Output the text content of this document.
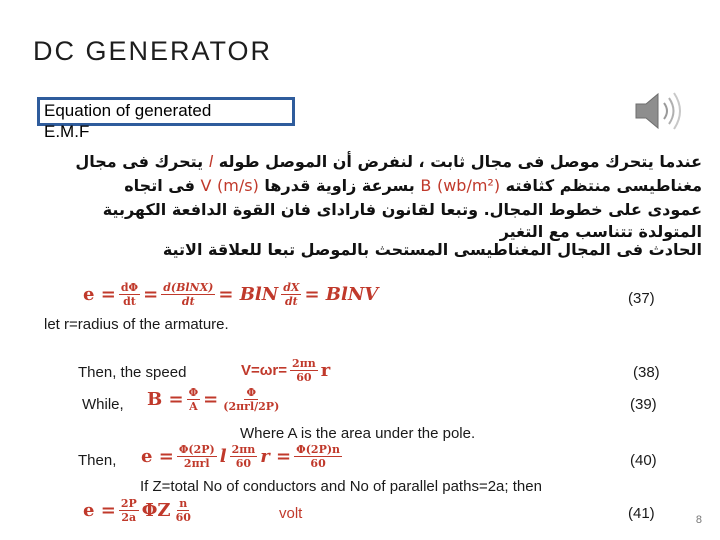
DC GENERATOR
Equation of generated
E.M.F
عندما يتحرك موصل فى مجال ثابت ، لنفرض أن الموصل طوله l يتحرك فى مجال
مغناطيسى منتظم كثافته B (wb/m²) بسرعة زاوية قدرها V (m/s) فى اتجاه
عمودى على خطوط المجال. وتبعا لقانون فارادای فان القوة الدافعة الكهربية
المتولدة تتناسب مع التغير
الحادث فى المجال المغناطيسى المستحث بالموصل تبعا للعلاقة الاتية
$e = \frac{d\Phi}{dt} = \frac{\text{d(BlNX)}}{dt}$ = BlN $\frac{dX}{dt}$ = BlNV	(37)
let r=radius of the armature.
Then, the speed	$V=\omega r= \frac{2\pi n}{60}$ r	(38)
While, $B = \frac{\Phi}{A} = \frac{\Phi}{\text{(2πrl/2P)}}$	(39)
Where A is the area under the pole.
Then, $e = \frac{\Phi(2P)}{\text{2πrl}}$ l $\frac{2\pi n}{60}$ $r = \frac{\Phi(2P)n}{60}$	(40)
If Z=total No of conductors and No of parallel paths=2a; then
$e = \frac{2P}{2a}$ ΦZ $\frac{n}{60}$	volt	(41)	8
